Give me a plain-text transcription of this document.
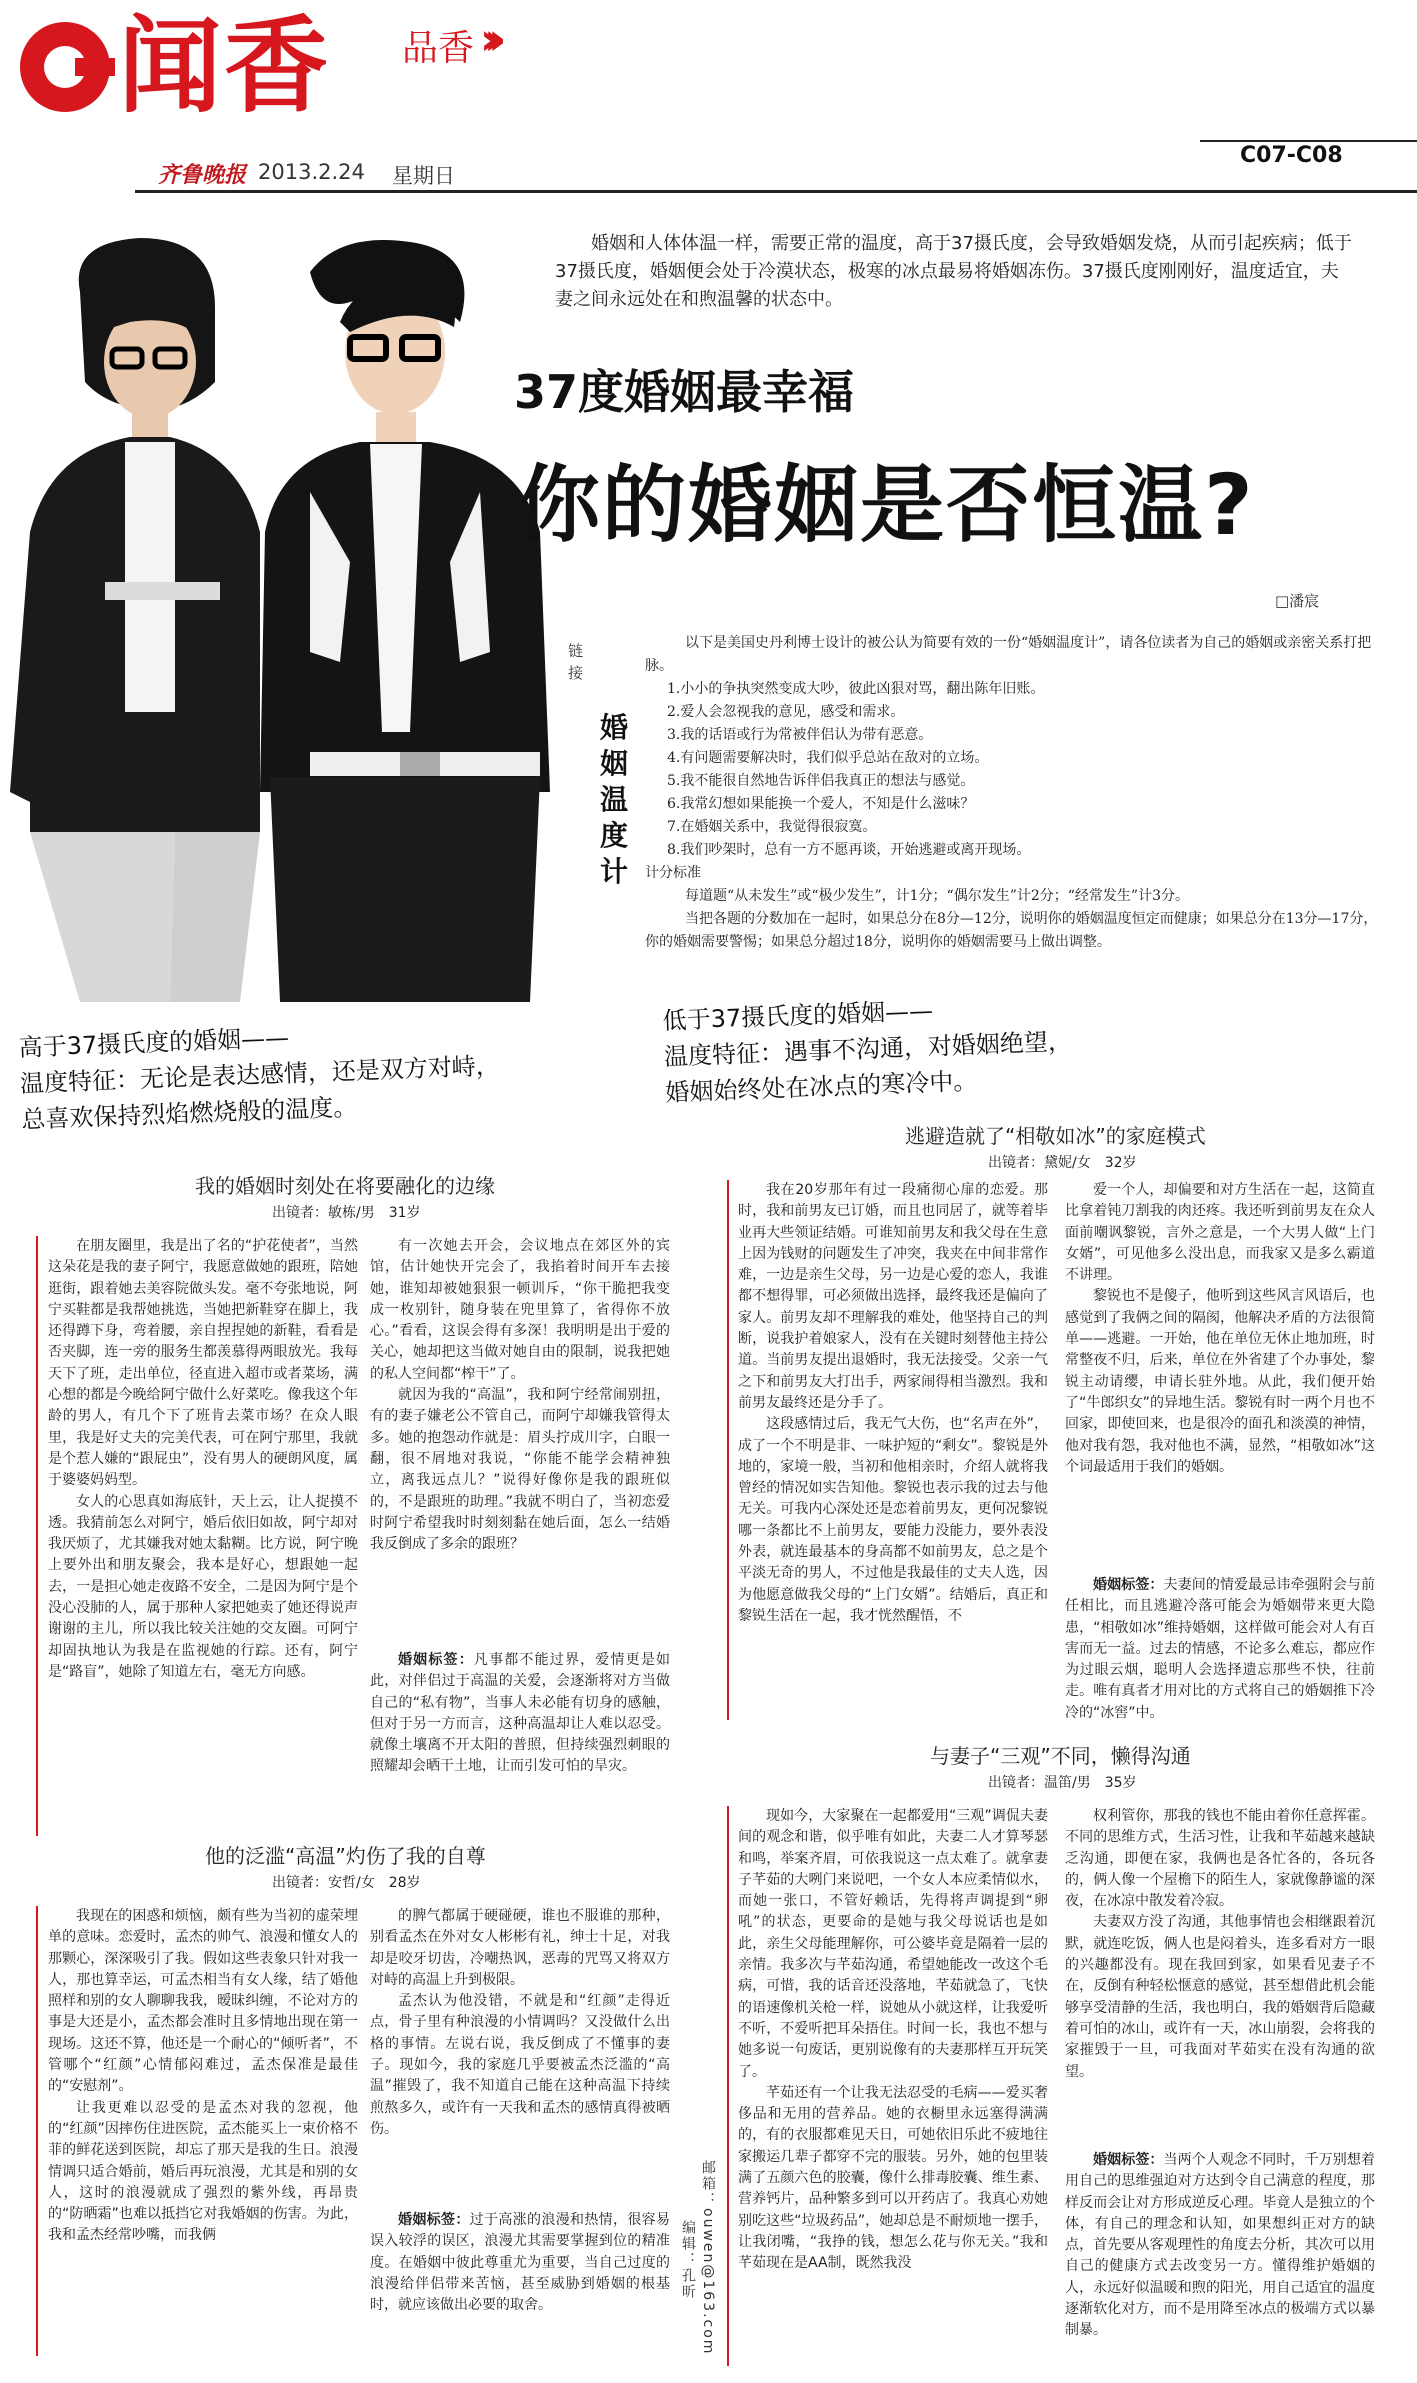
闻香 品香 ›››
齐鲁晚报 2013.2.24 星期日
C07-C08
婚姻和人体体温一样，需要正常的温度，高于37摄氏度，会导致婚姻发烧，从而引起疾病；低于37摄氏度，婚姻便会处于冷漠状态，极寒的冰点最易将婚姻冻伤。37摄氏度刚刚好，温度适宜，夫妻之间永远处在和煦温馨的状态中。
37度婚姻最幸福
你的婚姻是否恒温?
□潘宸
链接
婚姻温度计

以下是美国史丹利博士设计的被公认为简要有效的一份“婚姻温度计”，请各位读者为自己的婚姻或亲密关系打把脉。

1.小小的争执突然变成大吵，彼此凶狠对骂，翻出陈年旧账。

2.爱人会忽视我的意见，感受和需求。

3.我的话语或行为常被伴侣认为带有恶意。

4.有问题需要解决时，我们似乎总站在敌对的立场。

5.我不能很自然地告诉伴侣我真正的想法与感觉。

6.我常幻想如果能换一个爱人，不知是什么滋味？

7.在婚姻关系中，我觉得很寂寞。

8.我们吵架时，总有一方不愿再谈，开始逃避或离开现场。

计分标准

每道题“从未发生”或“极少发生”，计1分；“偶尔发生”计2分；“经常发生”计3分。

当把各题的分数加在一起时，如果总分在8分—12分，说明你的婚姻温度恒定而健康；如果总分在13分—17分，你的婚姻需要警惕；如果总分超过18分，说明你的婚姻需要马上做出调整。

高于37摄氏度的婚姻——
温度特征：无论是表达感情，还是双方对峙，
总喜欢保持烈焰燃烧般的温度。
低于37摄氏度的婚姻——
温度特征：遇事不沟通，对婚姻绝望，
婚姻始终处在冰点的寒冷中。
我的婚姻时刻处在将要融化的边缘
出镜者：敏栋/男　31岁

在朋友圈里，我是出了名的“护花使者”，当然这朵花是我的妻子阿宁，我愿意做她的跟班，陪她逛街，跟着她去美容院做头发。毫不夸张地说，阿宁买鞋都是我帮她挑选，当她把新鞋穿在脚上，我还得蹲下身，弯着腰，亲自捏捏她的新鞋，看看是否夹脚，连一旁的服务生都羡慕得两眼放光。我每天下了班，走出单位，径直进入超市或者菜场，满心想的都是今晚给阿宁做什么好菜吃。像我这个年龄的男人，有几个下了班肯去菜市场？在众人眼里，我是好丈夫的完美代表，可在阿宁那里，我就是个惹人嫌的“跟屁虫”，没有男人的硬朗风度，属于婆婆妈妈型。

女人的心思真如海底针，天上云，让人捉摸不透。我猜前怎么对阿宁，婚后依旧如故，阿宁却对我厌烦了，尤其嫌我对她太黏糊。比方说，阿宁晚上要外出和朋友聚会，我本是好心，想跟她一起去，一是担心她走夜路不安全，二是因为阿宁是个没心没肺的人，属于那种人家把她卖了她还得说声谢谢的主儿，所以我比较关注她的交友圈。可阿宁却固执地认为我是在监视她的行踪。还有，阿宁是“路盲”，她除了知道左右，毫无方向感。

有一次她去开会，会议地点在郊区外的宾馆，估计她快开完会了，我掐着时间开车去接她，谁知却被她狠狠一顿训斥，“你干脆把我变成一枚别针，随身装在兜里算了，省得你不放心。”看看，这误会得有多深！我明明是出于爱的关心，她却把这当做对她自由的限制，说我把她的私人空间都“榨干”了。

就因为我的“高温”，我和阿宁经常闹别扭，有的妻子嫌老公不管自己，而阿宁却嫌我管得太多。她的抱怨动作就是：眉头拧成川字，白眼一翻，很不屑地对我说，“你能不能学会精神独立，离我远点儿？”说得好像你是我的跟班似的，不是跟班的助理。”我就不明白了，当初恋爱时阿宁希望我时时刻刻黏在她后面，怎么一结婚我反倒成了多余的跟班？

婚姻标签：凡事都不能过界，爱情更是如此，对伴侣过于高温的关爱，会逐渐将对方当做自己的“私有物”，当事人未必能有切身的感触，但对于另一方而言，这种高温却让人难以忍受。就像土壤离不开太阳的普照，但持续强烈刺眼的照耀却会晒干土地，让而引发可怕的旱灾。
他的泛滥“高温”灼伤了我的自尊
出镜者：安哲/女　28岁

我现在的困惑和烦恼，颇有些为当初的虚荣埋单的意味。恋爱时，孟杰的帅气、浪漫和懂女人的那颗心，深深吸引了我。假如这些表象只针对我一人，那也算幸运，可孟杰相当有女人缘，结了婚他照样和别的女人聊聊我我，暧昧纠缠，不论对方的事是大还是小，孟杰都会准时且多情地出现在第一现场。这还不算，他还是一个耐心的“倾听者”，不管哪个“红颜”心情郁闷难过，孟杰保准是最佳的“安慰剂”。

让我更难以忍受的是孟杰对我的忽视，他的“红颜”因摔伤住进医院，孟杰能买上一束价格不菲的鲜花送到医院，却忘了那天是我的生日。浪漫情调只适合婚前，婚后再玩浪漫，尤其是和别的女人，这时的浪漫就成了强烈的紫外线，再昂贵的“防晒霜”也难以抵挡它对我婚姻的伤害。为此，我和孟杰经常吵嘴，而我俩

的脾气都属于硬碰硬，谁也不服谁的那种，别看孟杰在外对女人彬彬有礼，绅士十足，对我却是咬牙切齿，冷嘲热讽，恶毒的咒骂又将双方对峙的高温上升到极限。

孟杰认为他没错，不就是和“红颜”走得近点，骨子里有种浪漫的小情调吗？又没做什么出格的事情。左说右说，我反倒成了不懂事的妻子。现如今，我的家庭几乎要被孟杰泛滥的“高温”摧毁了，我不知道自己能在这种高温下持续煎熬多久，或许有一天我和孟杰的感情真得被晒伤。

婚姻标签：过于高涨的浪漫和热情，很容易误入较浮的误区，浪漫尤其需要掌握到位的精准度。在婚姻中彼此尊重尤为重要，当自己过度的浪漫给伴侣带来苦恼，甚至威胁到婚姻的根基时，就应该做出必要的取舍。
编辑：孔昕 邮箱：ouwen@163.com
逃避造就了“相敬如冰”的家庭模式
出镜者：黛妮/女　32岁

我在20岁那年有过一段痛彻心扉的恋爱。那时，我和前男友已订婚，而且也同居了，就等着毕业再大些领证结婚。可谁知前男友和我父母在生意上因为钱财的问题发生了冲突，我夹在中间非常作难，一边是亲生父母，另一边是心爱的恋人，我谁都不想得罪，可必须做出选择，最终我还是偏向了家人。前男友却不理解我的难处，他坚持自己的判断，说我护着娘家人，没有在关键时刻替他主持公道。当前男友提出退婚时，我无法接受。父亲一气之下和前男友大打出手，两家闹得相当激烈。我和前男友最终还是分手了。

这段感情过后，我无气大伤，也“名声在外”，成了一个不明是非、一味护短的“剩女”。黎锐是外地的，家境一般，当初和他相亲时，介绍人就将我曾经的情况如实告知他。黎锐也表示我的过去与他无关。可我内心深处还是恋着前男友，更何况黎锐哪一条都比不上前男友，要能力没能力，要外表没外表，就连最基本的身高都不如前男友，总之是个平淡无奇的男人，不过他是我最佳的丈夫人选，因为他愿意做我父母的“上门女婿”。结婚后，真正和黎锐生活在一起，我才恍然醒悟，不

爱一个人，却偏要和对方生活在一起，这简直比拿着钝刀割我的肉还疼。我还听到前男友在众人面前嘲讽黎锐，言外之意是，一个大男人做“上门女婿”，可见他多么没出息，而我家又是多么霸道不讲理。

黎锐也不是傻子，他听到这些风言风语后，也感觉到了我俩之间的隔阂，他解决矛盾的方法很简单——逃避。一开始，他在单位无休止地加班，时常整夜不归，后来，单位在外省建了个办事处，黎锐主动请缨，申请长驻外地。从此，我们便开始了“牛郎织女”的异地生活。黎锐有时一两个月也不回家，即使回来，也是很冷的面孔和淡漠的神情，他对我有怨，我对他也不满，显然，“相敬如冰”这个词最适用于我们的婚姻。

婚姻标签：夫妻间的情爱最忌讳牵强附会与前任相比，而且逃避冷落可能会为婚姻带来更大隐患，“相敬如冰”维持婚姻，这样做可能会对人有百害而无一益。过去的情感，不论多么难忘，都应作为过眼云烟，聪明人会选择遗忘那些不快，往前走。唯有真者才用对比的方式将自己的婚姻推下冷冷的“冰窖”中。
与妻子“三观”不同，懒得沟通
出镜者：温笛/男　35岁

现如今，大家聚在一起都爱用“三观”调侃夫妻间的观念和谐，似乎唯有如此，夫妻二人才算琴瑟和鸣，举案齐眉，可依我说这一点太难了。就拿妻子芊茹的大咧门来说吧，一个女人本应柔情似水，而她一张口，不管好赖话，先得将声调提到“卵吼”的状态，更要命的是她与我父母说话也是如此，亲生父母能理解你，可公婆毕竟是隔着一层的亲情。我多次与芊茹沟通，希望她能改一改这个毛病，可惜，我的话音还没落地，芊茹就急了，飞快的语速像机关枪一样，说她从小就这样，让我爱听不听，不爱听把耳朵捂住。时间一长，我也不想与她多说一句废话，更别说像有的夫妻那样互开玩笑了。

芊茹还有一个让我无法忍受的毛病——爱买奢侈品和无用的营养品。她的衣橱里永远塞得满满的，有的衣服都难见天日，可她依旧乐此不疲地往家搬运几辈子都穿不完的服装。另外，她的包里装满了五颜六色的胶囊，像什么排毒胶囊、维生素、营养钙片，品种繁多到可以开药店了。我真心劝她别吃这些“垃圾药品”，她却总是不耐烦地一摆手，让我闭嘴，“我挣的钱，想怎么花与你无关。”我和芊茹现在是AA制，既然我没

权利管你，那我的钱也不能由着你任意挥霍。不同的思维方式，生活习性，让我和芊茹越来越缺乏沟通，即便在家，我俩也是各忙各的，各玩各的，俩人像一个屋檐下的陌生人，家就像静谧的深夜，在冰凉中散发着冷寂。

夫妻双方没了沟通，其他事情也会相继跟着沉默，就连吃饭，俩人也是闷着头，连多看对方一眼的兴趣都没有。现在我回到家，如果看见妻子不在，反倒有种轻松惬意的感觉，甚至想借此机会能够享受清静的生活，我也明白，我的婚姻背后隐藏着可怕的冰山，或许有一天，冰山崩裂，会将我的家摧毁于一旦，可我面对芊茹实在没有沟通的欲望。

婚姻标签：当两个人观念不同时，千万别想着用自己的思维强迫对方达到令自己满意的程度，那样反而会让对方形成逆反心理。毕竟人是独立的个体，有自己的理念和认知，如果想纠正对方的缺点，首先要从客观理性的角度去分析，其次可以用自己的健康方式去改变另一方。懂得维护婚姻的人，永远好似温暖和煦的阳光，用自己适宜的温度逐渐软化对方，而不是用降至冰点的极端方式以暴制暴。
